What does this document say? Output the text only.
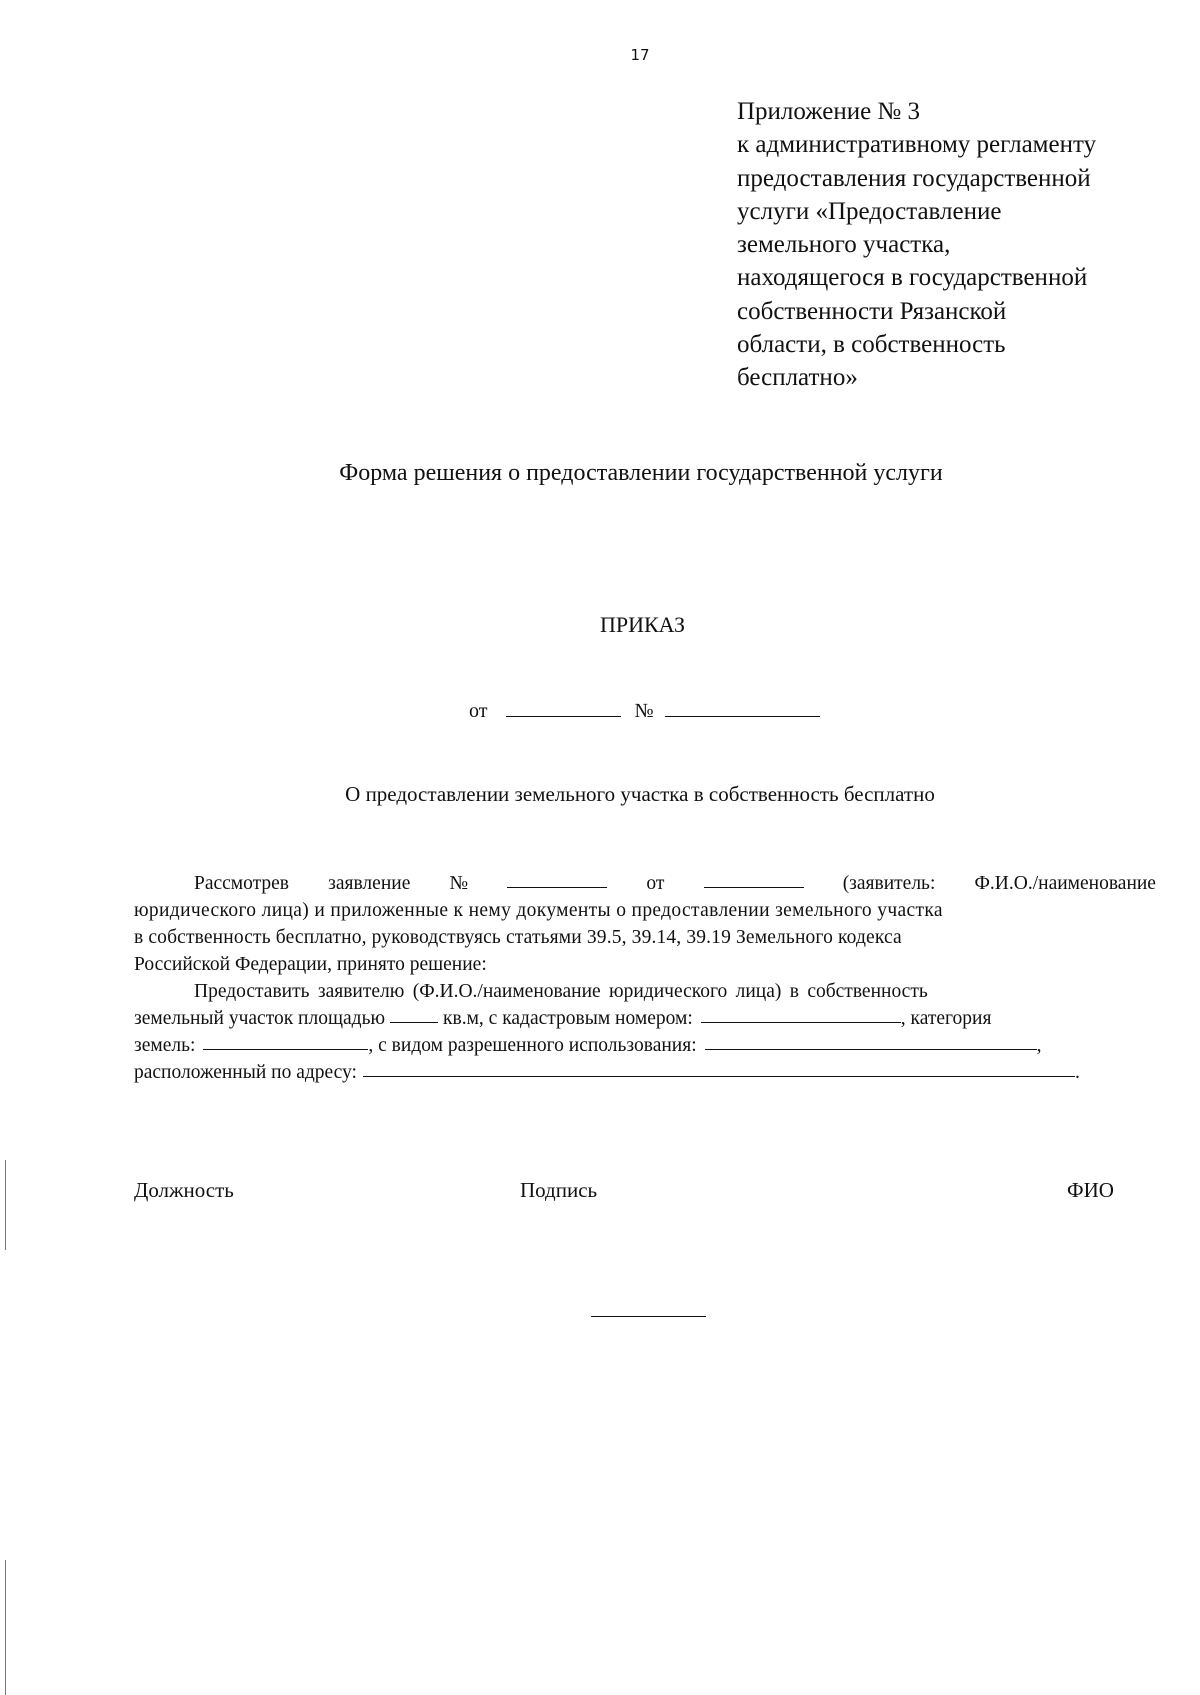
17
Приложение № 3
к административному регламенту
предоставления государственной
услуги «Предоставление
земельного участка,
находящегося в государственной
собственности Рязанской
области, в собственность
бесплатно»
Форма решения о предоставлении государственной услуги
ПРИКАЗ
от	№
О предоставлении земельного участка в собственность бесплатно
Рассмотрев заявление №	от	(заявитель: Ф.И.О./наименование
юридического лица) и приложенные к нему документы о предоставлении земельного участка
в собственность бесплатно, руководствуясь статьями 39.5, 39.14, 39.19 Земельного кодекса
Российской Федерации, принято решение:
Предоставить заявителю (Ф.И.О./наименование юридического лица) в собственность
земельный участок площадью	кв.м, с кадастровым номером:	, категория
земель:	, с видом разрешенного использования:	,
расположенный по адресу:	.
Должность	Подпись	ФИО
